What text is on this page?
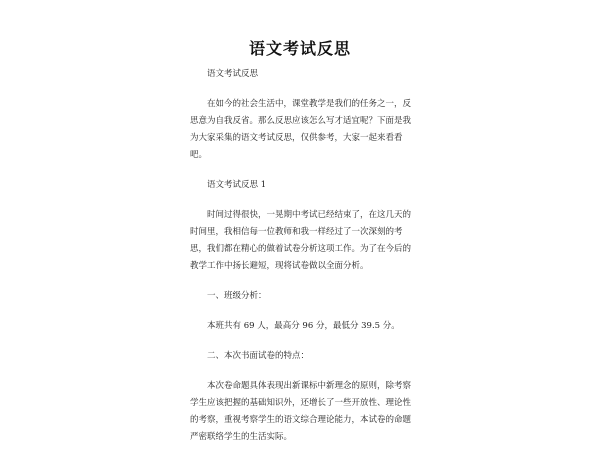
语文考试反思

语文考试反思

在如今的社会生活中，课堂教学是我们的任务之一，反思意为自我反省。那么反思应该怎么写才适宜呢？下面是我为大家采集的语文考试反思，仅供参考，大家一起来看看吧。

语文考试反思 1

时间过得很快，一晃期中考试已经结束了，在这几天的时间里，我相信每一位教师和我一样经过了一次深刻的考思，我们都在精心的做着试卷分析这项工作。为了在今后的教学工作中扬长避短，现将试卷做以全面分析。

一、班级分析：

本班共有 69 人，最高分 96 分，最低分 39.5 分。

二、本次书面试卷的特点：

本次卷命题具体表现出新课标中新理念的原则，除考察学生应该把握的基础知识外，还增长了一些开放性、理论性的考察，重视考察学生的语文综合理论能力，本试卷的命题严密联络学生的生活实际。
